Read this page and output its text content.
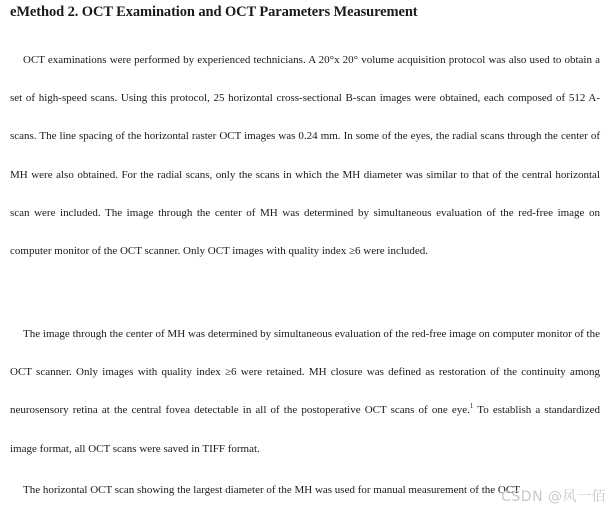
eMethod 2. OCT Examination and OCT Parameters Measurement

OCT examinations were performed by experienced technicians. A 20°x 20° volume acquisition protocol was also used to obtain a set of high-speed scans. Using this protocol, 25 horizontal cross-sectional B-scan images were obtained, each composed of 512 A-scans. The line spacing of the horizontal raster OCT images was 0.24 mm. In some of the eyes, the radial scans through the center of MH were also obtained. For the radial scans, only the scans in which the MH diameter was similar to that of the central horizontal scan were included. The image through the center of MH was determined by simultaneous evaluation of the red-free image on computer monitor of the OCT scanner. Only OCT images with quality index ≥6 were included.

The image through the center of MH was determined by simultaneous evaluation of the red-free image on computer monitor of the OCT scanner. Only images with quality index ≥6 were retained. MH closure was defined as restoration of the continuity among neurosensory retina at the central fovea detectable in all of the postoperative OCT scans of one eye.$^1$ To establish a standardized image format, all OCT scans were saved in TIFF format.

The horizontal OCT scan showing the largest diameter of the MH was used for manual measurement of the OCT

CSDN @风一佰
